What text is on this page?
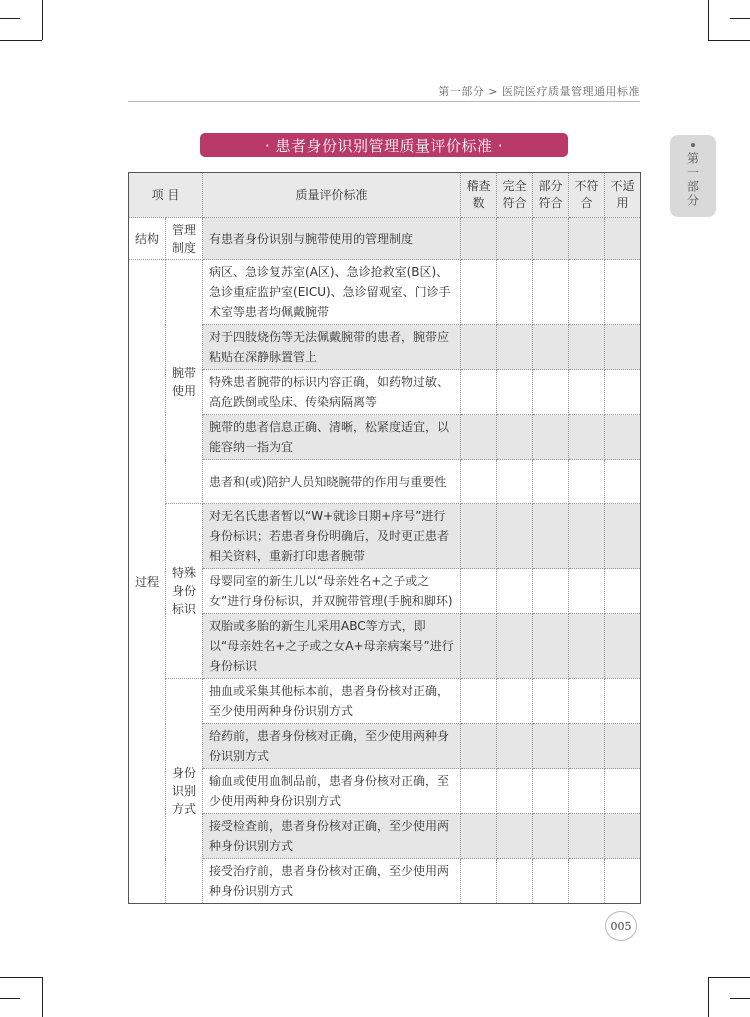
第一部分 > 医院医疗质量管理通用标准
第一部分
· 患者身份识别管理质量评价标准 ·
项 目		质量评价标准	稽查数	完全符合	部分符合	不符合	不适用
结构	管理制度	有患者身份识别与腕带使用的管理制度					
过程	腕带使用	病区、急诊复苏室(A区)、急诊抢救室(B区)、急诊重症监护室(EICU)、急诊留观室、门诊手术室等患者均佩戴腕带					
		对于四肢烧伤等无法佩戴腕带的患者，腕带应粘贴在深静脉置管上					
		特殊患者腕带的标识内容正确，如药物过敏、高危跌倒或坠床、传染病隔离等					
		腕带的患者信息正确、清晰，松紧度适宜，以能容纳一指为宜					
		患者和(或)陪护人员知晓腕带的作用与重要性					
	特殊身份标识	对无名氏患者暂以“W+就诊日期+序号”进行身份标识；若患者身份明确后，及时更正患者相关资料，重新打印患者腕带					
		母婴同室的新生儿以“母亲姓名+之子或之女”进行身份标识，并双腕带管理(手腕和脚环)					
		双胎或多胎的新生儿采用ABC等方式，即以“母亲姓名+之子或之女A+母亲病案号”进行身份标识					
	身份识别方式	抽血或采集其他标本前，患者身份核对正确，至少使用两种身份识别方式					
		给药前，患者身份核对正确，至少使用两种身份识别方式					
		输血或使用血制品前，患者身份核对正确，至少使用两种身份识别方式					
		接受检查前，患者身份核对正确，至少使用两种身份识别方式					
		接受治疗前，患者身份核对正确，至少使用两种身份识别方式					
005
